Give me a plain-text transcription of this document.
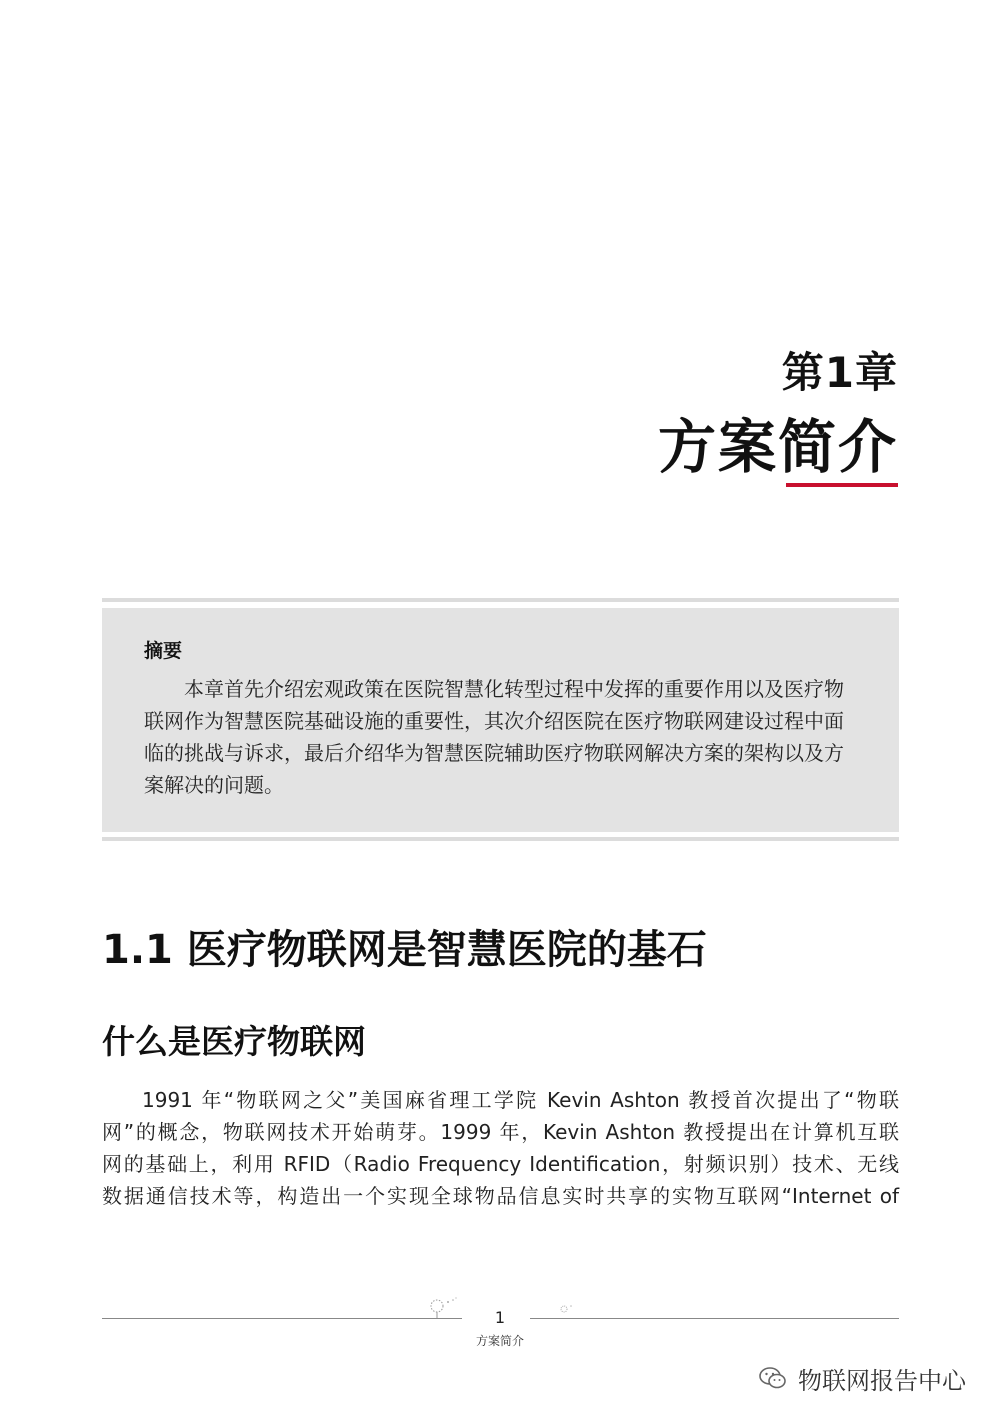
第1章
方案简介
摘要
本章首先介绍宏观政策在医院智慧化转型过程中发挥的重要作用以及医疗物联网作为智慧医院基础设施的重要性，其次介绍医院在医疗物联网建设过程中面临的挑战与诉求，最后介绍华为智慧医院辅助医疗物联网解决方案的架构以及方案解决的问题。
1.1 医疗物联网是智慧医院的基石
什么是医疗物联网
1991 年“物联网之父”美国麻省理工学院 Kevin Ashton 教授首次提出了“物联
网”的概念，物联网技术开始萌芽。1999 年，Kevin Ashton 教授提出在计算机互联
网的基础上，利用 RFID（Radio Frequency Identification，射频识别）技术、无线
数据通信技术等，构造出一个实现全球物品信息实时共享的实物互联网“Internet of
1
方案简介
物联网报告中心
